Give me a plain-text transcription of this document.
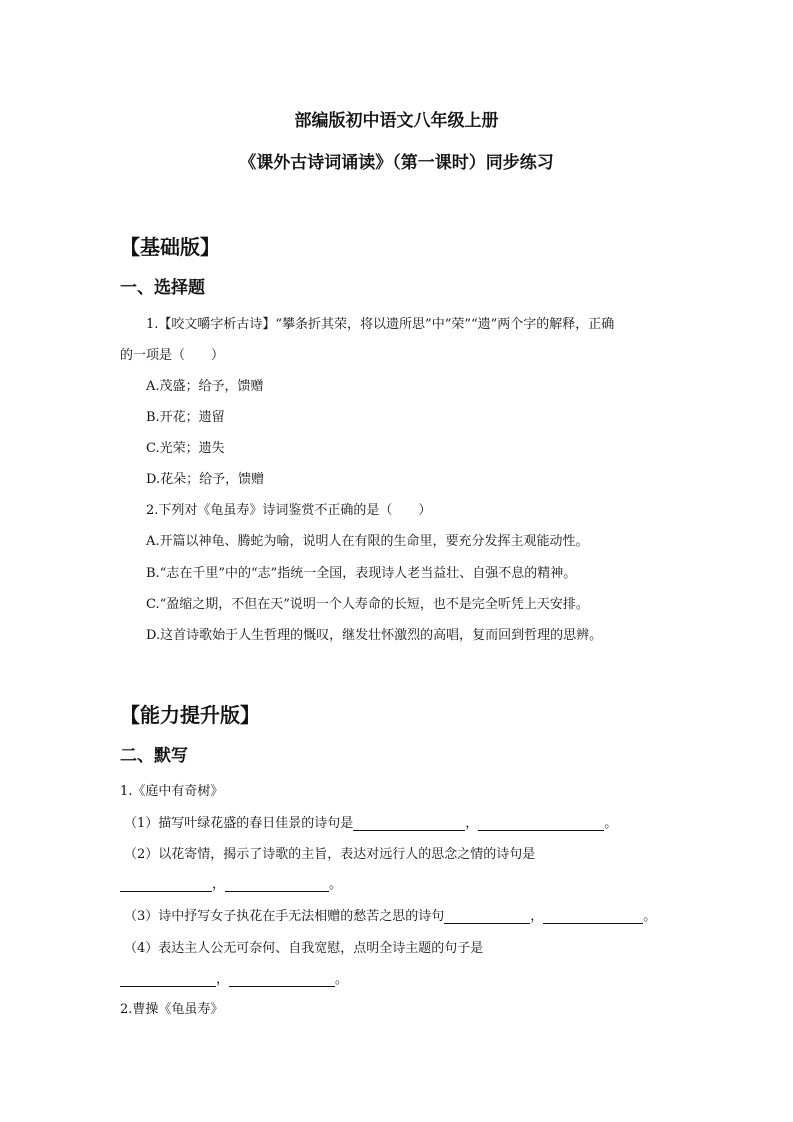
部编版初中语文八年级上册
《课外古诗词诵读》（第一课时）同步练习
【基础版】
一、选择题
1.【咬文嚼字析古诗】“攀条折其荣，将以遗所思”中“荣”“遗”两个字的解释，正确
的一项是（　　）
A.茂盛；给予，馈赠
B.开花；遗留
C.光荣；遗失
D.花朵；给予，馈赠
2.下列对《龟虽寿》诗词鉴赏不正确的是（　　）
A.开篇以神龟、腾蛇为喻，说明人在有限的生命里，要充分发挥主观能动性。
B.“志在千里”中的“志”指统一全国，表现诗人老当益壮、自强不息的精神。
C.“盈缩之期，不但在天”说明一个人寿命的长短，也不是完全听凭上天安排。
D.这首诗歌始于人生哲理的慨叹，继发壮怀激烈的高唱，复而回到哲理的思辨。
【能力提升版】
二、默写
1.《庭中有奇树》
（1）描写叶绿花盛的春日佳景的诗句是	，	。
（2）以花寄情，揭示了诗歌的主旨，表达对远行人的思念之情的诗句是
，	。
（3）诗中抒写女子执花在手无法相赠的愁苦之思的诗句	，	。
（4）表达主人公无可奈何、自我宽慰，点明全诗主题的句子是
，	。
2.曹操《龟虽寿》
